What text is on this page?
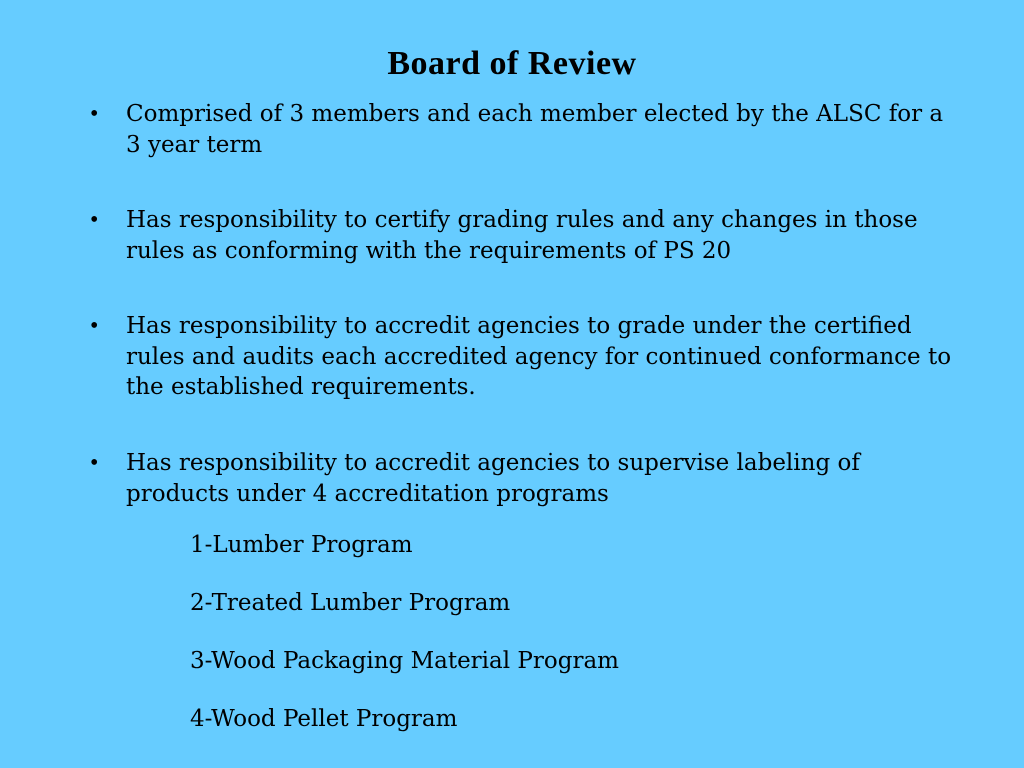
Board of Review
• Comprised of 3 members and each member elected by the ALSC for a 3 year term
• Has responsibility to certify grading rules and any changes in those rules as conforming with the requirements of PS 20
• Has responsibility to accredit agencies to grade under the certified rules and audits each accredited agency for continued conformance to the established requirements.
• Has responsibility to accredit agencies to supervise labeling of products under 4 accreditation programs
1-Lumber Program
2-Treated Lumber Program
3-Wood Packaging Material Program
4-Wood Pellet Program
